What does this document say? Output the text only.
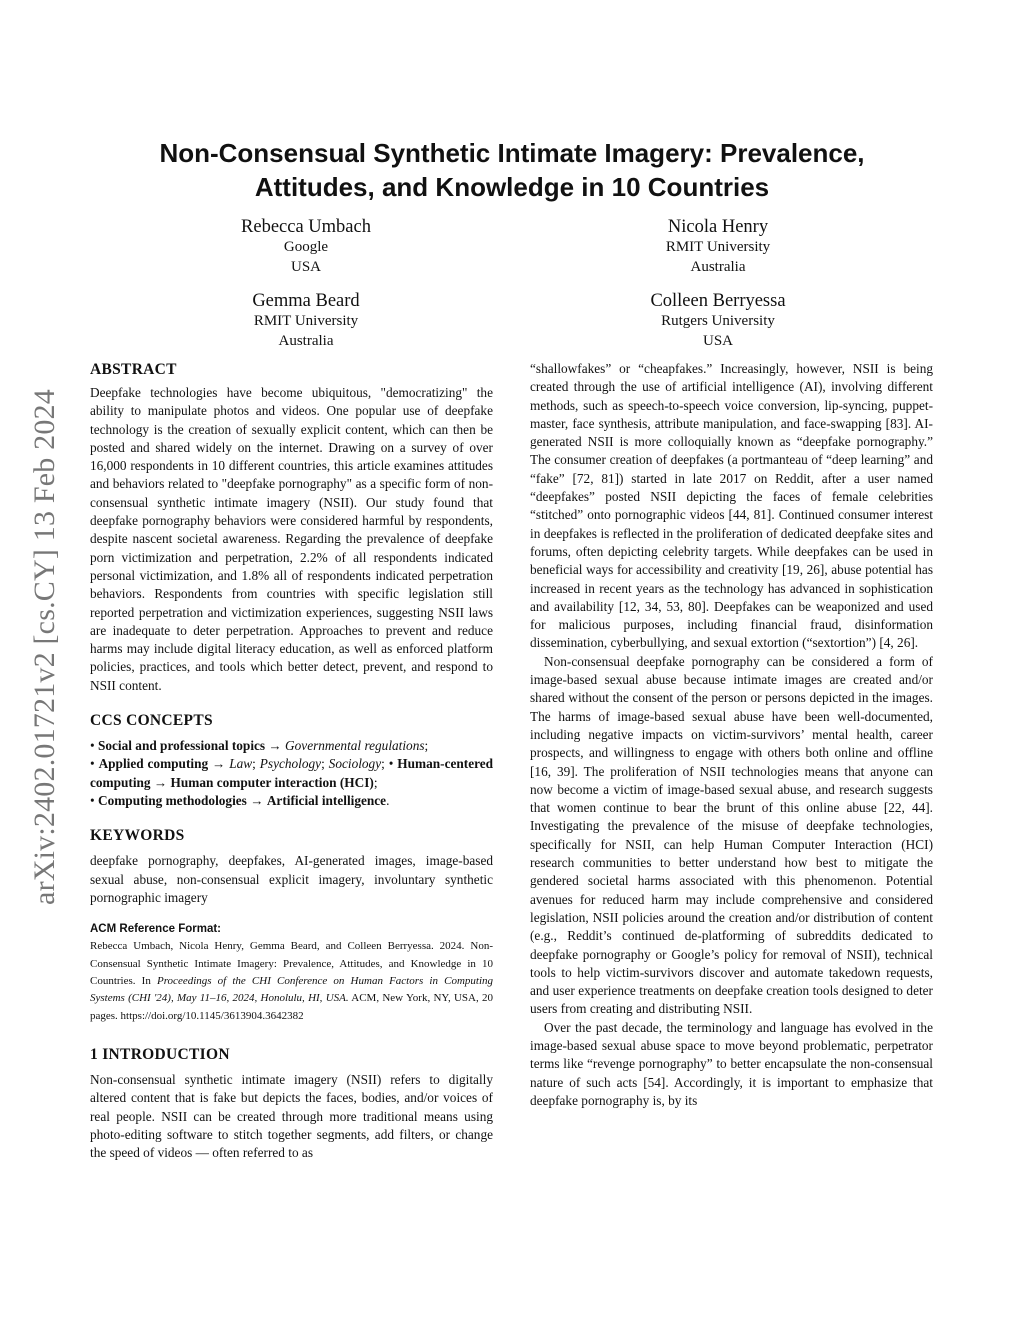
arXiv:2402.01721v2 [cs.CY] 13 Feb 2024
Non-Consensual Synthetic Intimate Imagery: Prevalence,
Attitudes, and Knowledge in 10 Countries
Rebecca Umbach
Google
USA
Nicola Henry
RMIT University
Australia
Gemma Beard
RMIT University
Australia
Colleen Berryessa
Rutgers University
USA
ABSTRACT

Deepfake technologies have become ubiquitous, "democratizing" the ability to manipulate photos and videos. One popular use of deepfake technology is the creation of sexually explicit content, which can then be posted and shared widely on the internet. Drawing on a survey of over 16,000 respondents in 10 different countries, this article examines attitudes and behaviors related to "deepfake pornography" as a specific form of non-consensual synthetic intimate imagery (NSII). Our study found that deepfake pornography behaviors were considered harmful by respondents, despite nascent societal awareness. Regarding the prevalence of deepfake porn victimization and perpetration, 2.2% of all respondents indicated personal victimization, and 1.8% all of respondents indicated perpetration behaviors. Respondents from countries with specific legislation still reported perpetration and victimization experiences, suggesting NSII laws are inadequate to deter perpetration. Approaches to prevent and reduce harms may include digital literacy education, as well as enforced platform policies, practices, and tools which better detect, prevent, and respond to NSII content.

CCS CONCEPTS
• Social and professional topics → Governmental regulations;
• Applied computing → Law; Psychology; Sociology; • Human-centered computing → Human computer interaction (HCI);
• Computing methodologies → Artificial intelligence.
KEYWORDS

deepfake pornography, deepfakes, AI-generated images, image-based sexual abuse, non-consensual explicit imagery, involuntary synthetic pornographic imagery

ACM Reference Format:

Rebecca Umbach, Nicola Henry, Gemma Beard, and Colleen Berryessa. 2024. Non-Consensual Synthetic Intimate Imagery: Prevalence, Attitudes, and Knowledge in 10 Countries. In Proceedings of the CHI Conference on Human Factors in Computing Systems (CHI '24), May 11–16, 2024, Honolulu, HI, USA. ACM, New York, NY, USA, 20 pages. https://doi.org/10.1145/3613904.3642382

1 INTRODUCTION

Non-consensual synthetic intimate imagery (NSII) refers to digitally altered content that is fake but depicts the faces, bodies, and/or voices of real people. NSII can be created through more traditional means using photo-editing software to stitch together segments, add filters, or change the speed of videos — often referred to as

“shallowfakes” or “cheapfakes.” Increasingly, however, NSII is being created through the use of artificial intelligence (AI), involving different methods, such as speech-to-speech voice conversion, lip-syncing, puppet-master, face synthesis, attribute manipulation, and face-swapping [83]. AI-generated NSII is more colloquially known as “deepfake pornography.” The consumer creation of deepfakes (a portmanteau of “deep learning” and “fake” [72, 81]) started in late 2017 on Reddit, after a user named “deepfakes” posted NSII depicting the faces of female celebrities “stitched” onto pornographic videos [44, 81]. Continued consumer interest in deepfakes is reflected in the proliferation of dedicated deepfake sites and forums, often depicting celebrity targets. While deepfakes can be used in beneficial ways for accessibility and creativity [19, 26], abuse potential has increased in recent years as the technology has advanced in sophistication and availability [12, 34, 53, 80]. Deepfakes can be weaponized and used for malicious purposes, including financial fraud, disinformation dissemination, cyberbullying, and sexual extortion (“sextortion”) [4, 26].

Non-consensual deepfake pornography can be considered a form of image-based sexual abuse because intimate images are created and/or shared without the consent of the person or persons depicted in the images. The harms of image-based sexual abuse have been well-documented, including negative impacts on victim-survivors’ mental health, career prospects, and willingness to engage with others both online and offline [16, 39]. The proliferation of NSII technologies means that anyone can now become a victim of image-based sexual abuse, and research suggests that women continue to bear the brunt of this online abuse [22, 44]. Investigating the prevalence of the misuse of deepfake technologies, specifically for NSII, can help Human Computer Interaction (HCI) research communities to better understand how best to mitigate the gendered societal harms associated with this phenomenon. Potential avenues for reduced harm may include comprehensive and considered legislation, NSII policies around the creation and/or distribution of content (e.g., Reddit’s continued de-platforming of subreddits dedicated to deepfake pornography or Google’s policy for removal of NSII), technical tools to help victim-survivors discover and automate takedown requests, and user experience treatments on deepfake creation tools designed to deter users from creating and distributing NSII.

Over the past decade, the terminology and language has evolved in the image-based sexual abuse space to move beyond problematic, perpetrator terms like “revenge pornography” to better encapsulate the non-consensual nature of such acts [54]. Accordingly, it is important to emphasize that deepfake pornography is, by its
